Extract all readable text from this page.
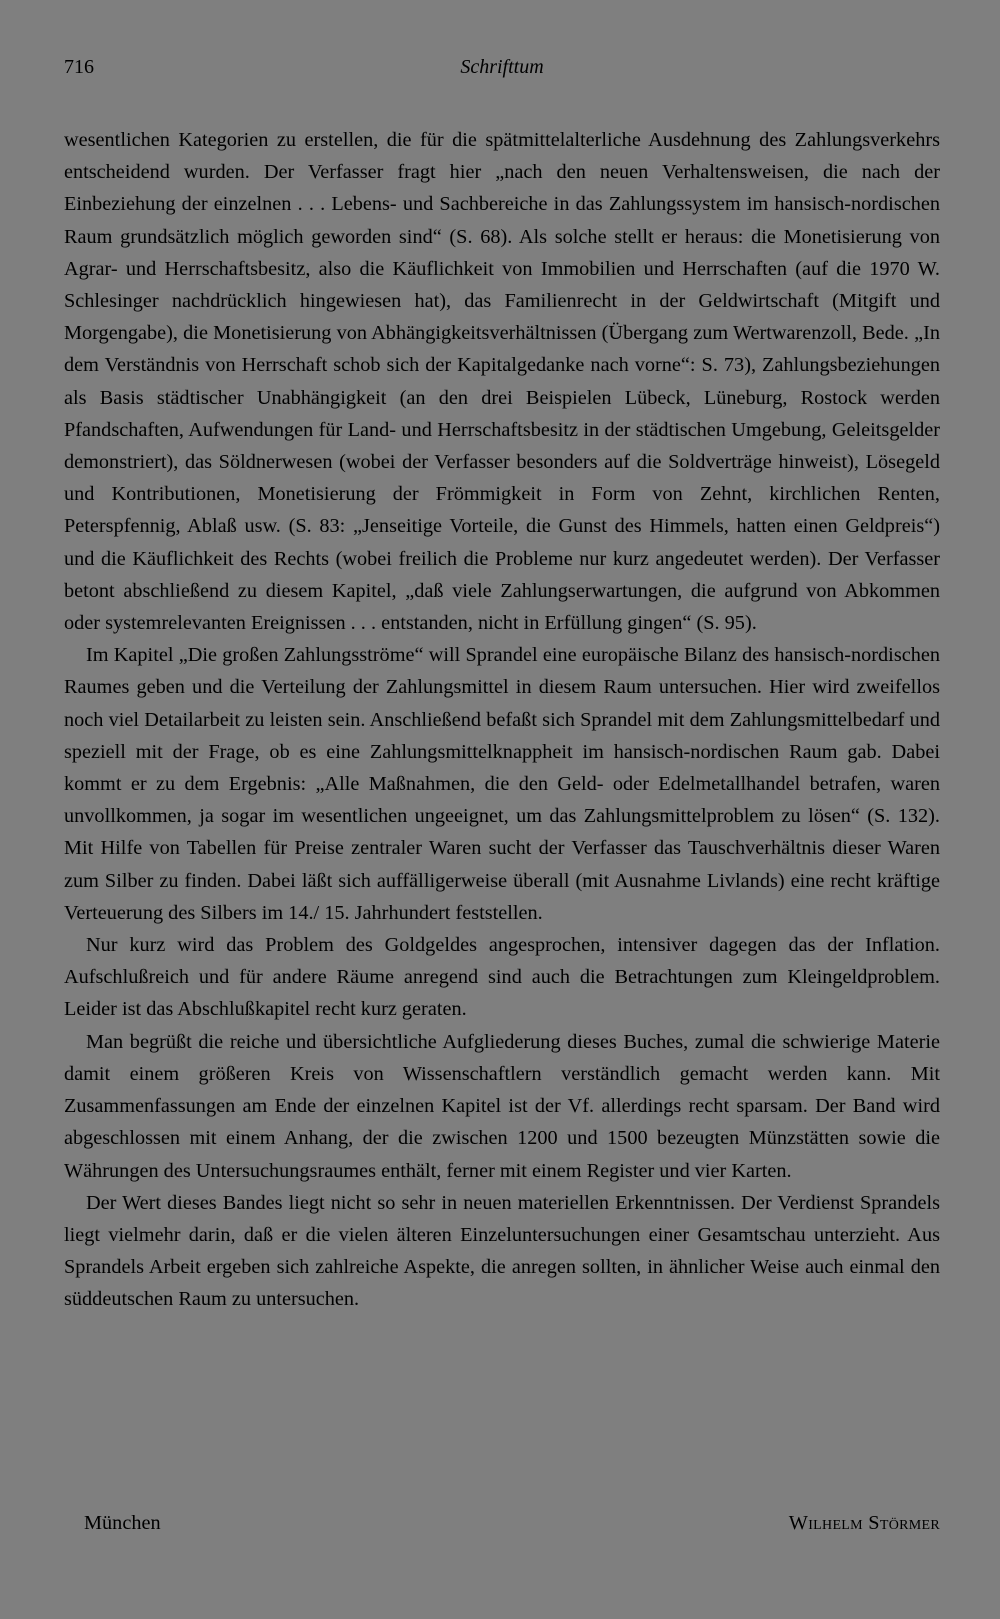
716	Schrifttum

wesentlichen Kategorien zu erstellen, die für die spätmittelalterliche Ausdehnung des Zahlungsverkehrs entscheidend wurden. Der Verfasser fragt hier „nach den neuen Verhaltensweisen, die nach der Einbeziehung der einzelnen . . . Lebens- und Sachbereiche in das Zahlungssystem im hansisch-nordischen Raum grundsätzlich möglich geworden sind“ (S. 68). Als solche stellt er heraus: die Monetisierung von Agrar- und Herrschaftsbesitz, also die Käuflichkeit von Immobilien und Herrschaften (auf die 1970 W. Schlesinger nachdrücklich hingewiesen hat), das Familienrecht in der Geldwirtschaft (Mitgift und Morgengabe), die Monetisierung von Abhängigkeitsverhältnissen (Übergang zum Wertwarenzoll, Bede. „In dem Verständnis von Herrschaft schob sich der Kapitalgedanke nach vorne“: S. 73), Zahlungsbeziehungen als Basis städtischer Unabhängigkeit (an den drei Beispielen Lübeck, Lüneburg, Rostock werden Pfandschaften, Aufwendungen für Land- und Herrschaftsbesitz in der städtischen Umgebung, Geleitsgelder demonstriert), das Söldnerwesen (wobei der Verfasser besonders auf die Soldverträge hinweist), Lösegeld und Kontributionen, Monetisierung der Frömmigkeit in Form von Zehnt, kirchlichen Renten, Peterspfennig, Ablaß usw. (S. 83: „Jenseitige Vorteile, die Gunst des Himmels, hatten einen Geldpreis“) und die Käuflichkeit des Rechts (wobei freilich die Probleme nur kurz angedeutet werden). Der Verfasser betont abschließend zu diesem Kapitel, „daß viele Zahlungserwartungen, die aufgrund von Abkommen oder systemrelevanten Ereignissen . . . entstanden, nicht in Erfüllung gingen“ (S. 95).

Im Kapitel „Die großen Zahlungsströme“ will Sprandel eine europäische Bilanz des hansisch-nordischen Raumes geben und die Verteilung der Zahlungsmittel in diesem Raum untersuchen. Hier wird zweifellos noch viel Detailarbeit zu leisten sein. Anschließend befaßt sich Sprandel mit dem Zahlungsmittelbedarf und speziell mit der Frage, ob es eine Zahlungsmittelknappheit im hansisch-nordischen Raum gab. Dabei kommt er zu dem Ergebnis: „Alle Maßnahmen, die den Geld- oder Edelmetallhandel betrafen, waren unvollkommen, ja sogar im wesentlichen ungeeignet, um das Zahlungsmittelproblem zu lösen“ (S. 132). Mit Hilfe von Tabellen für Preise zentraler Waren sucht der Verfasser das Tauschverhältnis dieser Waren zum Silber zu finden. Dabei läßt sich auffälligerweise überall (mit Ausnahme Livlands) eine recht kräftige Verteuerung des Silbers im 14./ 15. Jahrhundert feststellen.

Nur kurz wird das Problem des Goldgeldes angesprochen, intensiver dagegen das der Inflation. Aufschlußreich und für andere Räume anregend sind auch die Betrachtungen zum Kleingeldproblem. Leider ist das Abschlußkapitel recht kurz geraten.

Man begrüßt die reiche und übersichtliche Aufgliederung dieses Buches, zumal die schwierige Materie damit einem größeren Kreis von Wissenschaftlern verständlich gemacht werden kann. Mit Zusammenfassungen am Ende der einzelnen Kapitel ist der Vf. allerdings recht sparsam. Der Band wird abgeschlossen mit einem Anhang, der die zwischen 1200 und 1500 bezeugten Münzstätten sowie die Währungen des Untersuchungsraumes enthält, ferner mit einem Register und vier Karten.

Der Wert dieses Bandes liegt nicht so sehr in neuen materiellen Erkenntnissen. Der Verdienst Sprandels liegt vielmehr darin, daß er die vielen älteren Einzeluntersuchungen einer Gesamtschau unterzieht. Aus Sprandels Arbeit ergeben sich zahlreiche Aspekte, die anregen sollten, in ähnlicher Weise auch einmal den süddeutschen Raum zu untersuchen.

München	Wilhelm Störmer
